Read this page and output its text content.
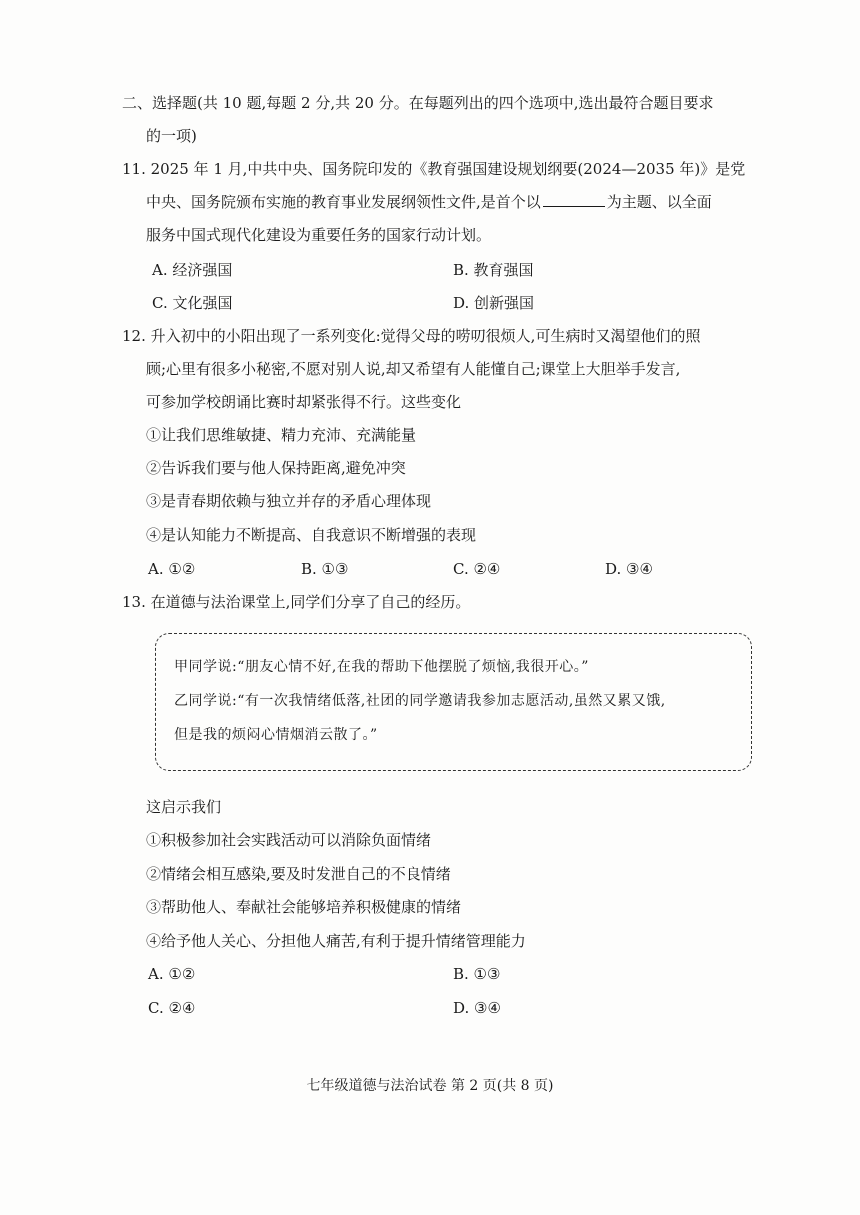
二、选择题(共 10 题,每题 2 分,共 20 分。在每题列出的四个选项中,选出最符合题目要求
的一项)
11. 2025 年 1 月,中共中央、国务院印发的《教育强国建设规划纲要(2024—2035 年)》是党
中央、国务院颁布实施的教育事业发展纲领性文件,是首个以	为主题、以全面
服务中国式现代化建设为重要任务的国家行动计划。
A. 经济强国	B. 教育强国
C. 文化强国	D. 创新强国
12. 升入初中的小阳出现了一系列变化:觉得父母的唠叨很烦人,可生病时又渴望他们的照
顾;心里有很多小秘密,不愿对别人说,却又希望有人能懂自己;课堂上大胆举手发言,
可参加学校朗诵比赛时却紧张得不行。这些变化
①让我们思维敏捷、精力充沛、充满能量
②告诉我们要与他人保持距离,避免冲突
③是青春期依赖与独立并存的矛盾心理体现
④是认知能力不断提高、自我意识不断增强的表现
A. ①②	B. ①③	C. ②④	D. ③④
13. 在道德与法治课堂上,同学们分享了自己的经历。
甲同学说:“朋友心情不好,在我的帮助下他摆脱了烦恼,我很开心。”
乙同学说:“有一次我情绪低落,社团的同学邀请我参加志愿活动,虽然又累又饿,
但是我的烦闷心情烟消云散了。”
这启示我们
①积极参加社会实践活动可以消除负面情绪
②情绪会相互感染,要及时发泄自己的不良情绪
③帮助他人、奉献社会能够培养积极健康的情绪
④给予他人关心、分担他人痛苦,有利于提升情绪管理能力
A. ①②	B. ①③
C. ②④	D. ③④
七年级道德与法治试卷 第 2 页(共 8 页)
